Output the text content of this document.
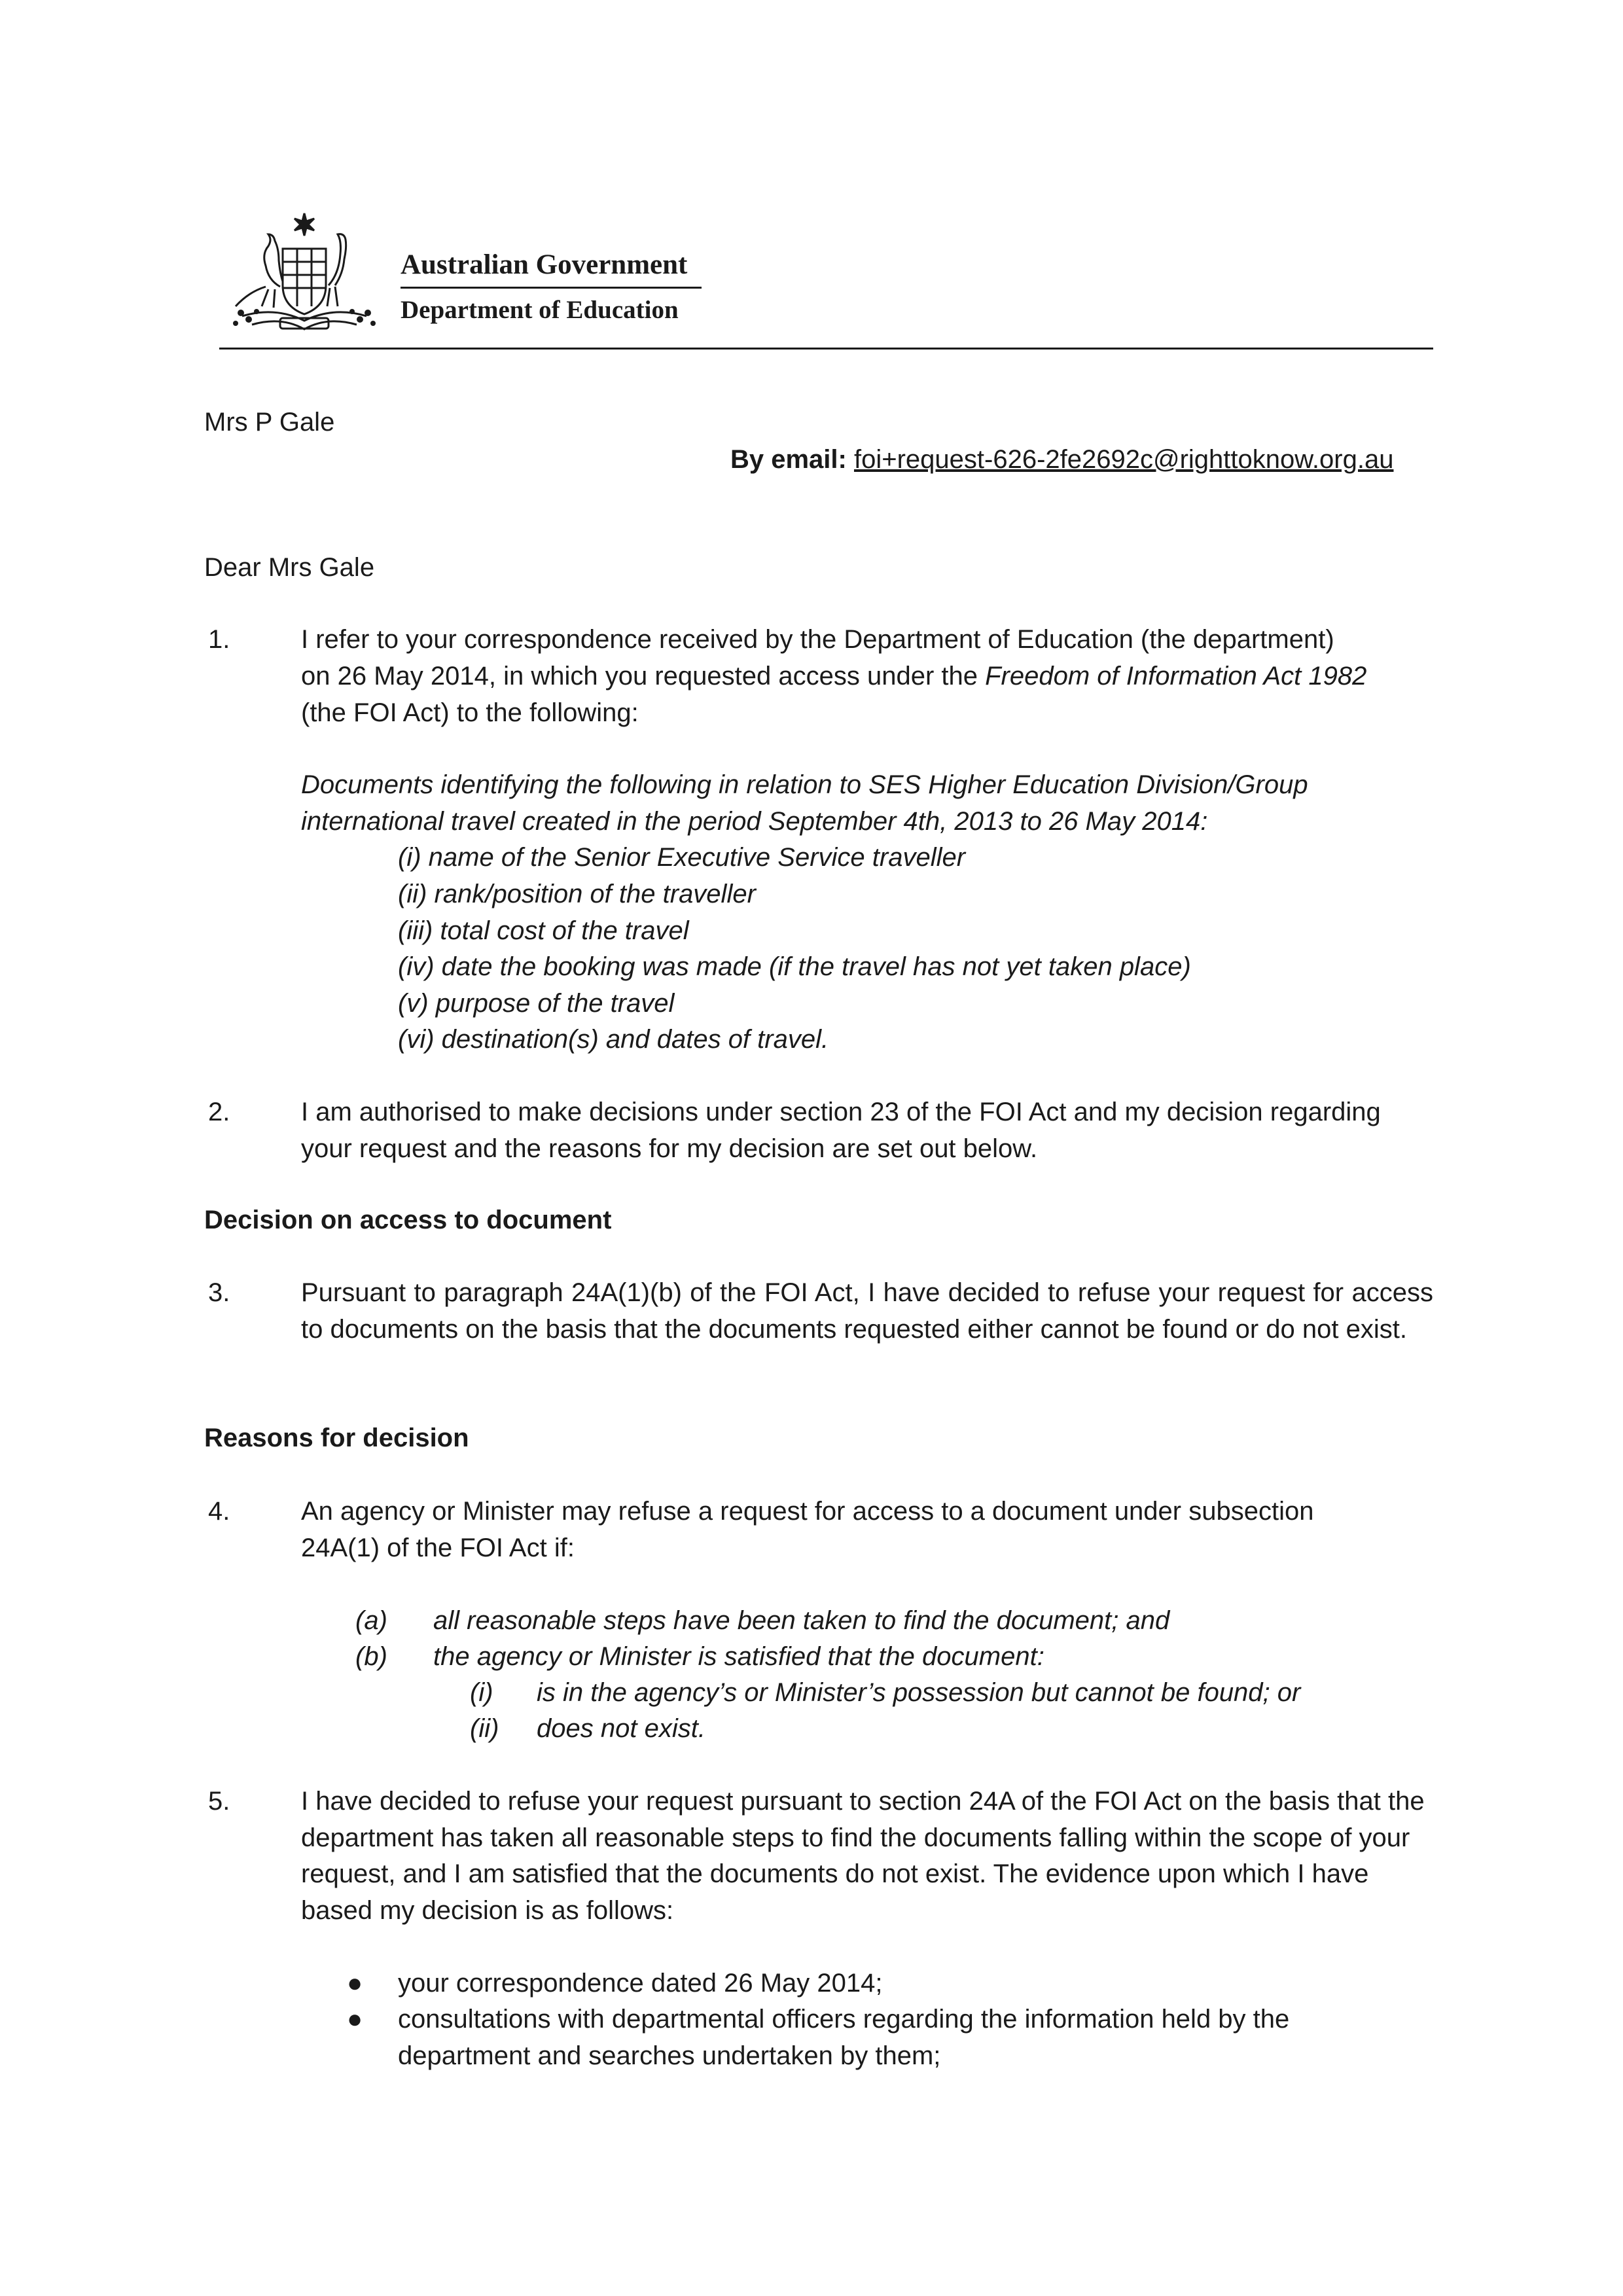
Australian Government
Department of Education
Mrs P Gale
By email: foi+request-626-2fe2692c@righttoknow.org.au
Dear Mrs Gale
1.	I refer to your correspondence received by the Department of Education (the department)
on 26 May 2014, in which you requested access under the Freedom of Information Act 1982
(the FOI Act) to the following:
Documents identifying the following in relation to SES Higher Education Division/Group
international travel created in the period September 4th, 2013 to 26 May 2014:
(i) name of the Senior Executive Service traveller
(ii) rank/position of the traveller
(iii) total cost of the travel
(iv) date the booking was made (if the travel has not yet taken place)
(v) purpose of the travel
(vi) destination(s) and dates of travel.
2.	I am authorised to make decisions under section 23 of the FOI Act and my decision regarding your request and the reasons for my decision are set out below.
Decision on access to document
3.	Pursuant to paragraph 24A(1)(b) of the FOI Act, I have decided to refuse your request for access to documents on the basis that the documents requested either cannot be found or do not exist.
Reasons for decision
4.	An agency or Minister may refuse a request for access to a document under subsection 24A(1) of the FOI Act if:
(a) all reasonable steps have been taken to find the document; and
(b) the agency or Minister is satisfied that the document:
(i) is in the agency’s or Minister’s possession but cannot be found; or
(ii) does not exist.
5.	I have decided to refuse your request pursuant to section 24A of the FOI Act on the basis that the department has taken all reasonable steps to find the documents falling within the scope of your request, and I am satisfied that the documents do not exist. The evidence upon which I have based my decision is as follows:
● your correspondence dated 26 May 2014;
● consultations with departmental officers regarding the information held by the department and searches undertaken by them;
